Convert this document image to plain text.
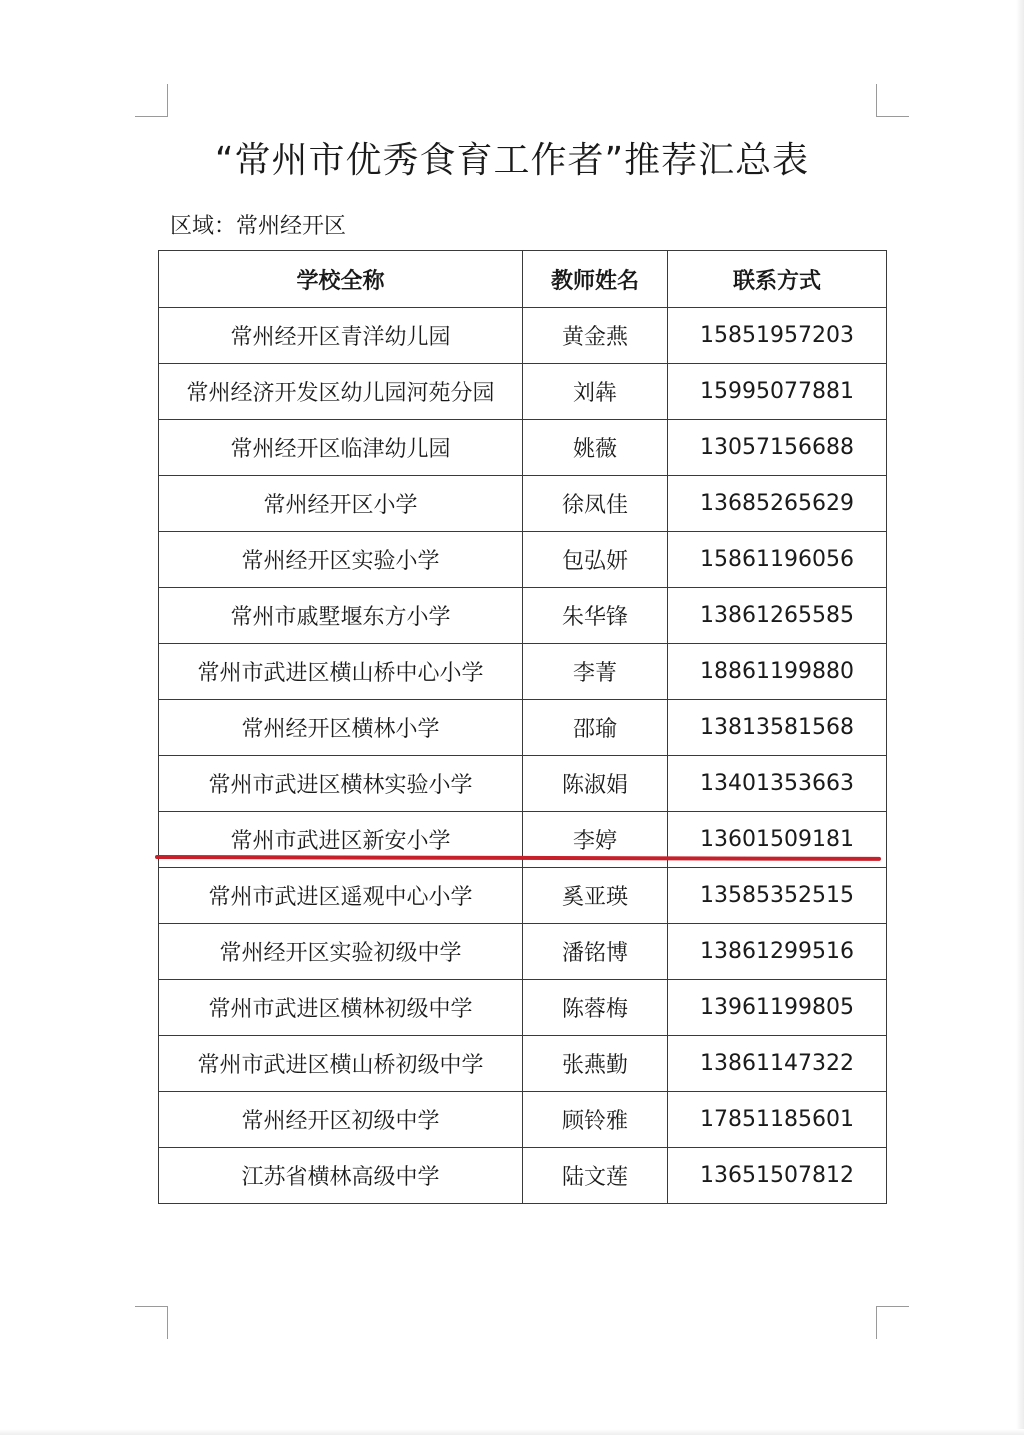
“常州市优秀食育工作者”推荐汇总表
区域：常州经开区
学校全称	教师姓名	联系方式
常州经开区青洋幼儿园	黄金燕	15851957203
常州经济开发区幼儿园河苑分园	刘犇	15995077881
常州经开区临津幼儿园	姚薇	13057156688
常州经开区小学	徐凤佳	13685265629
常州经开区实验小学	包弘妍	15861196056
常州市戚墅堰东方小学	朱华锋	13861265585
常州市武进区横山桥中心小学	李菁	18861199880
常州经开区横林小学	邵瑜	13813581568
常州市武进区横林实验小学	陈淑娟	13401353663
常州市武进区新安小学	李婷	13601509181
常州市武进区遥观中心小学	奚亚瑛	13585352515
常州经开区实验初级中学	潘铭博	13861299516
常州市武进区横林初级中学	陈蓉梅	13961199805
常州市武进区横山桥初级中学	张燕勤	13861147322
常州经开区初级中学	顾铃雅	17851185601
江苏省横林高级中学	陆文莲	13651507812
